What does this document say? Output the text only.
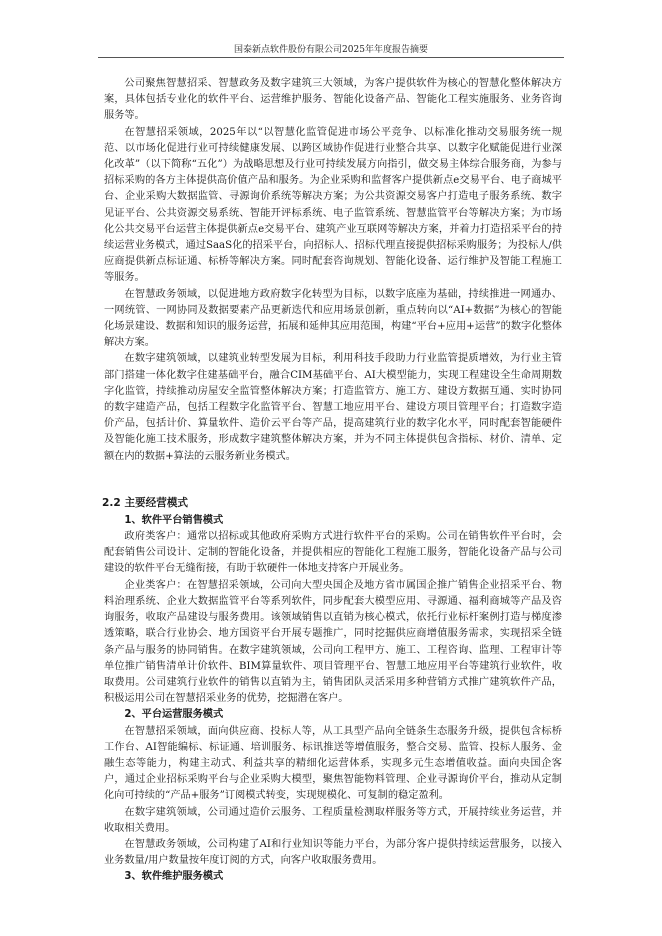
国泰新点软件股份有限公司2025年年度报告摘要

公司聚焦智慧招采、智慧政务及数字建筑三大领域，为客户提供软件为核心的智慧化整体解决方案，具体包括专业化的软件平台、运营维护服务、智能化设备产品、智能化工程实施服务、业务咨询服务等。

在智慧招采领域，2025年以“以智慧化监管促进市场公平竞争、以标准化推动交易服务统一规范、以市场化促进行业可持续健康发展、以跨区域协作促进行业整合共享、以数字化赋能促进行业深化改革”（以下简称“五化”）为战略思想及行业可持续发展方向指引，做交易主体综合服务商，为参与招标采购的各方主体提供高价值产品和服务。为企业采购和监督客户提供新点e交易平台、电子商城平台、企业采购大数据监管、寻源询价系统等解决方案；为公共资源交易客户打造电子服务系统、数字见证平台、公共资源交易系统、智能开评标系统、电子监管系统、智慧监管平台等解决方案；为市场化公共交易平台运营主体提供新点e交易平台、建筑产业互联网等解决方案，并着力打造招采平台的持续运营业务模式，通过SaaS化的招采平台，向招标人、招标代理直接提供招标采购服务；为投标人/供应商提供新点标证通、标桥等解决方案。同时配套咨询规划、智能化设备、运行维护及智能工程施工等服务。

在智慧政务领域，以促进地方政府数字化转型为目标，以数字底座为基础，持续推进一网通办、一网统管、一网协同及数据要素产品更新迭代和应用场景创新，重点转向以“AI+数据”为核心的智能化场景建设、数据和知识的服务运营，拓展和延伸其应用范围，构建“平台+应用+运营”的数字化整体解决方案。

在数字建筑领域，以建筑业转型发展为目标，利用科技手段助力行业监管提质增效，为行业主管部门搭建一体化数字住建基础平台，融合CIM基础平台、AI大模型能力，实现工程建设全生命周期数字化监管，持续推动房屋安全监管整体解决方案；打造监管方、施工方、建设方数据互通、实时协同的数字建造产品，包括工程数字化监管平台、智慧工地应用平台、建设方项目管理平台；打造数字造价产品，包括计价、算量软件、造价云平台等产品，提高建筑行业的数字化水平，同时配套智能硬件及智能化施工技术服务，形成数字建筑整体解决方案，并为不同主体提供包含指标、材价、清单、定额在内的数据+算法的云服务新业务模式。

2.2 主要经营模式
1、软件平台销售模式

政府类客户：通常以招标或其他政府采购方式进行软件平台的采购。公司在销售软件平台时，会配套销售公司设计、定制的智能化设备，并提供相应的智能化工程施工服务，智能化设备产品与公司建设的软件平台无缝衔接，有助于软硬件一体地支持客户开展业务。

企业类客户：在智慧招采领域，公司向大型央国企及地方省市属国企推广销售企业招采平台、物料治理系统、企业大数据监管平台等系列软件，同步配套大模型应用、寻源通、福利商城等产品及咨询服务，收取产品建设与服务费用。该领域销售以直销为核心模式，依托行业标杆案例打造与梯度渗透策略，联合行业协会、地方国资平台开展专题推广，同时挖掘供应商增值服务需求，实现招采全链条产品与服务的协同销售。在数字建筑领域，公司向工程甲方、施工、工程咨询、监理、工程审计等单位推广销售清单计价软件、BIM算量软件、项目管理平台、智慧工地应用平台等建筑行业软件，收取费用。公司建筑行业软件的销售以直销为主，销售团队灵活采用多种营销方式推广建筑软件产品，积极运用公司在智慧招采业务的优势，挖掘潜在客户。

2、平台运营服务模式

在智慧招采领域，面向供应商、投标人等，从工具型产品向全链条生态服务升级，提供包含标桥工作台、AI智能编标、标证通、培训服务、标讯推送等增值服务，整合交易、监管、投标人服务、金融生态等能力，构建主动式、利益共享的精细化运营体系，实现多元生态增值收益。面向央国企客户，通过企业招标采购平台与企业采购大模型，聚焦智能物料管理、企业寻源询价平台，推动从定制化向可持续的“产品+服务”订阅模式转变，实现规模化、可复制的稳定盈利。

在数字建筑领域，公司通过造价云服务、工程质量检测取样服务等方式，开展持续业务运营，并收取相关费用。

在智慧政务领域，公司构建了AI和行业知识等能力平台，为部分客户提供持续运营服务，以接入业务数量/用户数量按年度订阅的方式，向客户收取服务费用。

3、软件维护服务模式
